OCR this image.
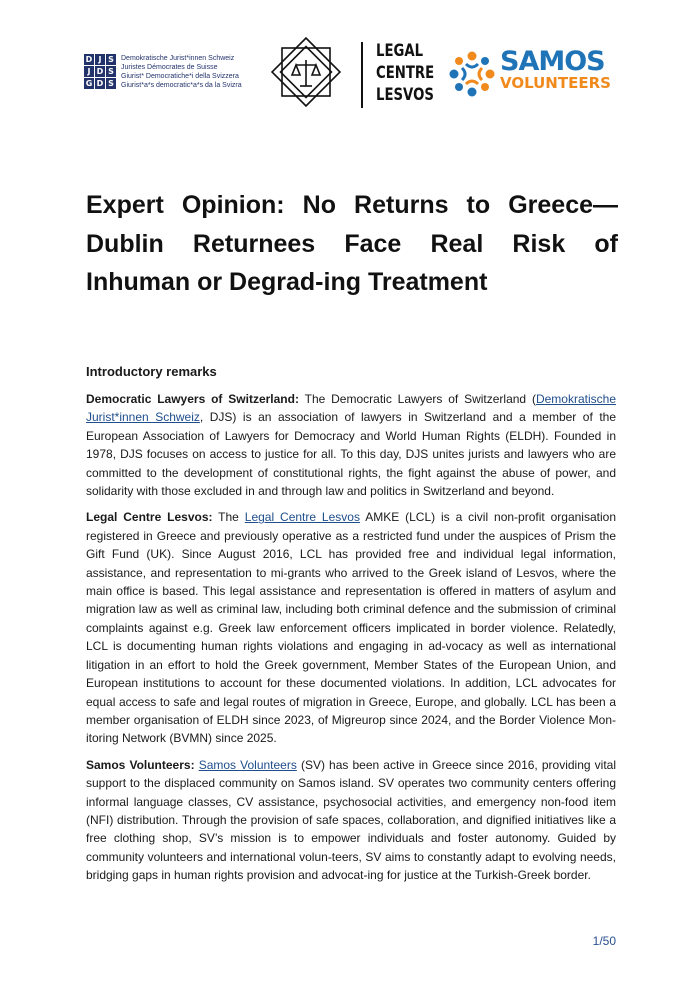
D J S
J D S
G D S
Demokratische Jurist*innen Schweiz
Juristes Démocrates de Suisse
Giurist* Democratiche*i della Svizzera
Giurist*a*s democratic*a*s da la Svizra
LEGAL
CENTRE
LESVOS
SAMOS
VOLUNTEERS
Expert Opinion: No Returns to Greece—Dublin Returnees Face Real Risk of Inhuman or Degrad-ing Treatment
Introductory remarks

Democratic Lawyers of Switzerland: The Democratic Lawyers of Switzerland (Demokratische Jurist*innen Schweiz, DJS) is an association of lawyers in Switzerland and a member of the European Association of Lawyers for Democracy and World Human Rights (ELDH). Founded in 1978, DJS focuses on access to justice for all. To this day, DJS unites jurists and lawyers who are committed to the development of constitutional rights, the fight against the abuse of power, and solidarity with those excluded in and through law and politics in Switzerland and beyond.

Legal Centre Lesvos: The Legal Centre Lesvos AMKE (LCL) is a civil non-profit organisation registered in Greece and previously operative as a restricted fund under the auspices of Prism the Gift Fund (UK). Since August 2016, LCL has provided free and individual legal information, assistance, and representation to mi-grants who arrived to the Greek island of Lesvos, where the main office is based. This legal assistance and representation is offered in matters of asylum and migration law as well as criminal law, including both criminal defence and the submission of criminal complaints against e.g. Greek law enforcement officers implicated in border violence. Relatedly, LCL is documenting human rights violations and engaging in ad-vocacy as well as international litigation in an effort to hold the Greek government, Member States of the European Union, and European institutions to account for these documented violations. In addition, LCL advocates for equal access to safe and legal routes of migration in Greece, Europe, and globally. LCL has been a member organisation of ELDH since 2023, of Migreurop since 2024, and the Border Violence Mon-itoring Network (BVMN) since 2025.

Samos Volunteers: Samos Volunteers (SV) has been active in Greece since 2016, providing vital support to the displaced community on Samos island. SV operates two community centers offering informal language classes, CV assistance, psychosocial activities, and emergency non-food item (NFI) distribution. Through the provision of safe spaces, collaboration, and dignified initiatives like a free clothing shop, SV’s mission is to empower individuals and foster autonomy. Guided by community volunteers and international volun-teers, SV aims to constantly adapt to evolving needs, bridging gaps in human rights provision and advocat-ing for justice at the Turkish-Greek border.

1/50
